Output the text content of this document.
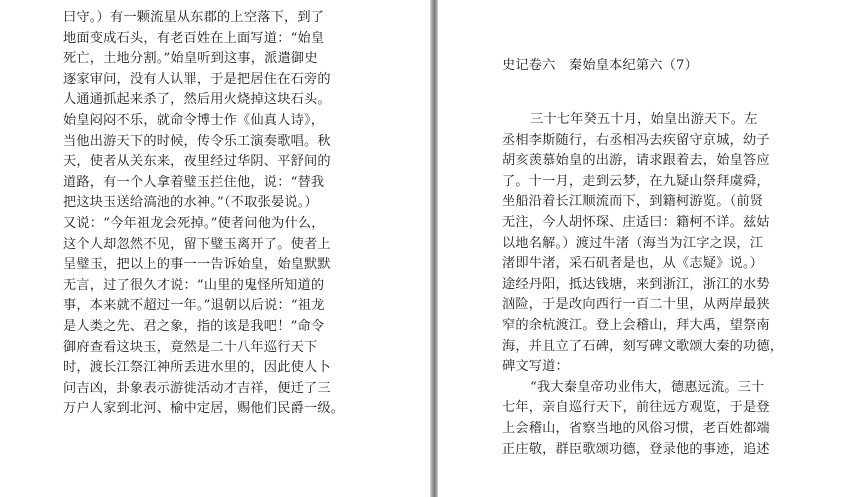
曰守。）有一颗流星从东郡的上空落下，到了
地面变成石头，有老百姓在上面写道：“始皇
死亡，土地分割。”始皇听到这事，派遣御史
逐家审问，没有人认罪，于是把居住在石旁的
人通通抓起来杀了，然后用火烧掉这块石头。
始皇闷闷不乐，就命令博士作《仙真人诗》，
当他出游天下的时候，传令乐工演奏歌唱。秋
天，使者从关东来，夜里经过华阴、平舒间的
道路，有一个人拿着璧玉拦住他，说：“替我
把这块玉送给滈池的水神。”（不取张晏说。）
又说：“今年祖龙会死掉。”使者问他为什么，
这个人却忽然不见，留下璧玉离开了。使者上
呈璧玉，把以上的事一一告诉始皇，始皇默默
无言，过了很久才说：“山里的鬼怪所知道的
事，本来就不超过一年。”退朝以后说：“祖龙
是人类之先、君之象，指的该是我吧！”命令
御府查看这块玉，竟然是二十八年巡行天下
时，渡长江祭江神所丢进水里的，因此使人卜
问吉凶，卦象表示游徙活动才吉祥，便迁了三
万户人家到北河、榆中定居，赐他们民爵一级。
史记卷六　秦始皇本纪第六（7）
三十七年癸五十月，始皇出游天下。左
丞相李斯随行，右丞相冯去疾留守京城，幼子
胡亥羡慕始皇的出游，请求跟着去，始皇答应
了。十一月，走到云梦，在九疑山祭拜虞舜，
坐船沿着长江顺流而下，到籍柯游览。（前贤
无注，今人胡怀琛、庄适曰：籍柯不详。兹姑
以地名解。）渡过牛渚（海当为江字之误，江
渚即牛渚，采石矶者是也，从《志疑》说。）
途经丹阳，抵达钱塘，来到浙江，浙江的水势
汹险，于是改向西行一百二十里，从两岸最狭
窄的余杭渡江。登上会稽山，拜大禹，望祭南
海，并且立了石碑，刻写碑文歌颂大秦的功德，
碑文写道：
“我大秦皇帝功业伟大，德惠远流。三十
七年，亲自巡行天下，前往远方观览，于是登
上会稽山，省察当地的风俗习惯，老百姓都端
正庄敬，群臣歌颂功德，登录他的事迹，追述
